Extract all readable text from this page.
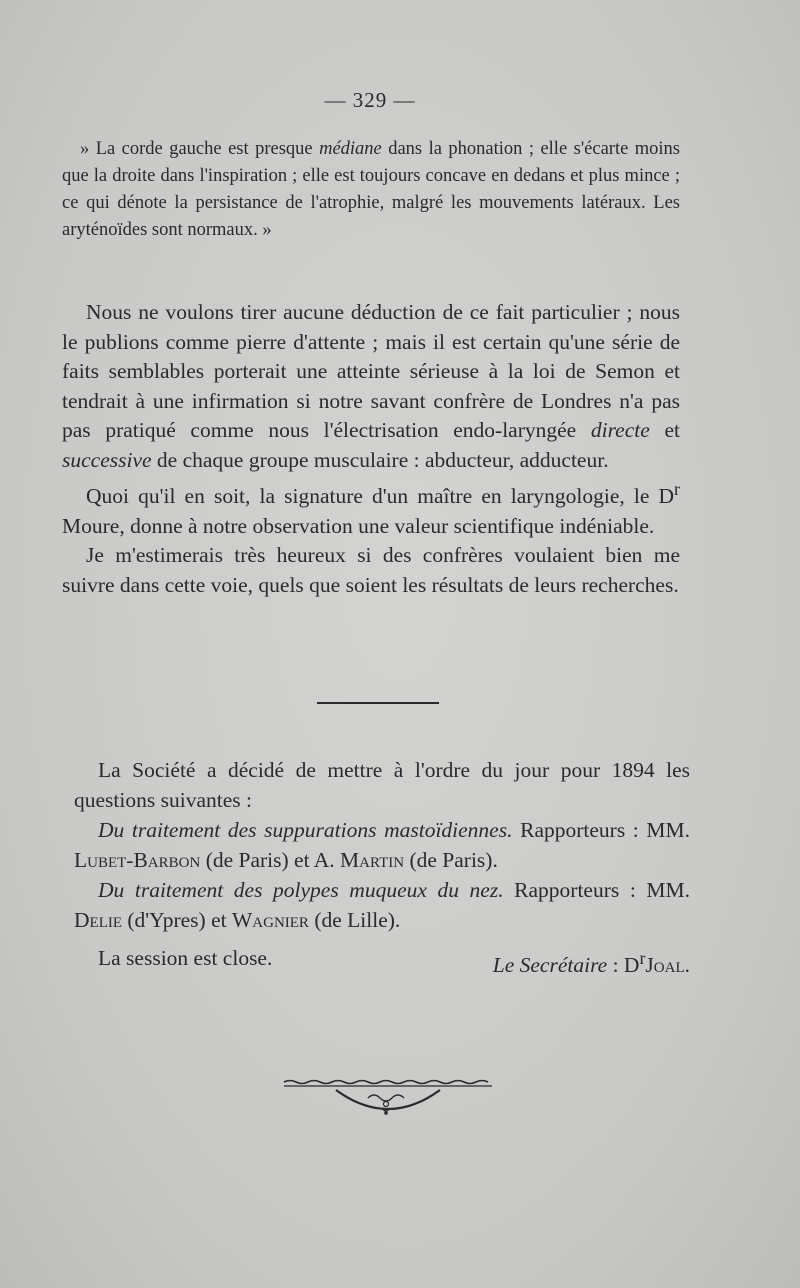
— 329 —

» La corde gauche est presque médiane dans la phonation ; elle s'écarte moins que la droite dans l'inspiration ; elle est toujours concave en dedans et plus mince ; ce qui dénote la persistance de l'atrophie, malgré les mouvements latéraux. Les aryténoïdes sont normaux. »

Nous ne voulons tirer aucune déduction de ce fait particulier ; nous le publions comme pierre d'attente ; mais il est certain qu'une série de faits semblables porterait une atteinte sérieuse à la loi de Semon et tendrait à une infirmation si notre savant confrère de Londres n'a pas pas pratiqué comme nous l'électrisation endo-laryngée directe et successive de chaque groupe musculaire : abducteur, adducteur.

Quoi qu'il en soit, la signature d'un maître en laryngologie, le $D^r$ Moure, donne à notre observation une valeur scientifique indéniable.

Je m'estimerais très heureux si des confrères voulaient bien me suivre dans cette voie, quels que soient les résultats de leurs recherches.

La Société a décidé de mettre à l'ordre du jour pour 1894 les questions suivantes :

Du traitement des suppurations mastoïdiennes. Rapporteurs : MM. Lubet-Barbon (de Paris) et A. Martin (de Paris).

Du traitement des polypes muqueux du nez. Rapporteurs : MM. Delie (d'Ypres) et Wagnier (de Lille).

La session est close.	Le Secrétaire : $D^rJoal$.
